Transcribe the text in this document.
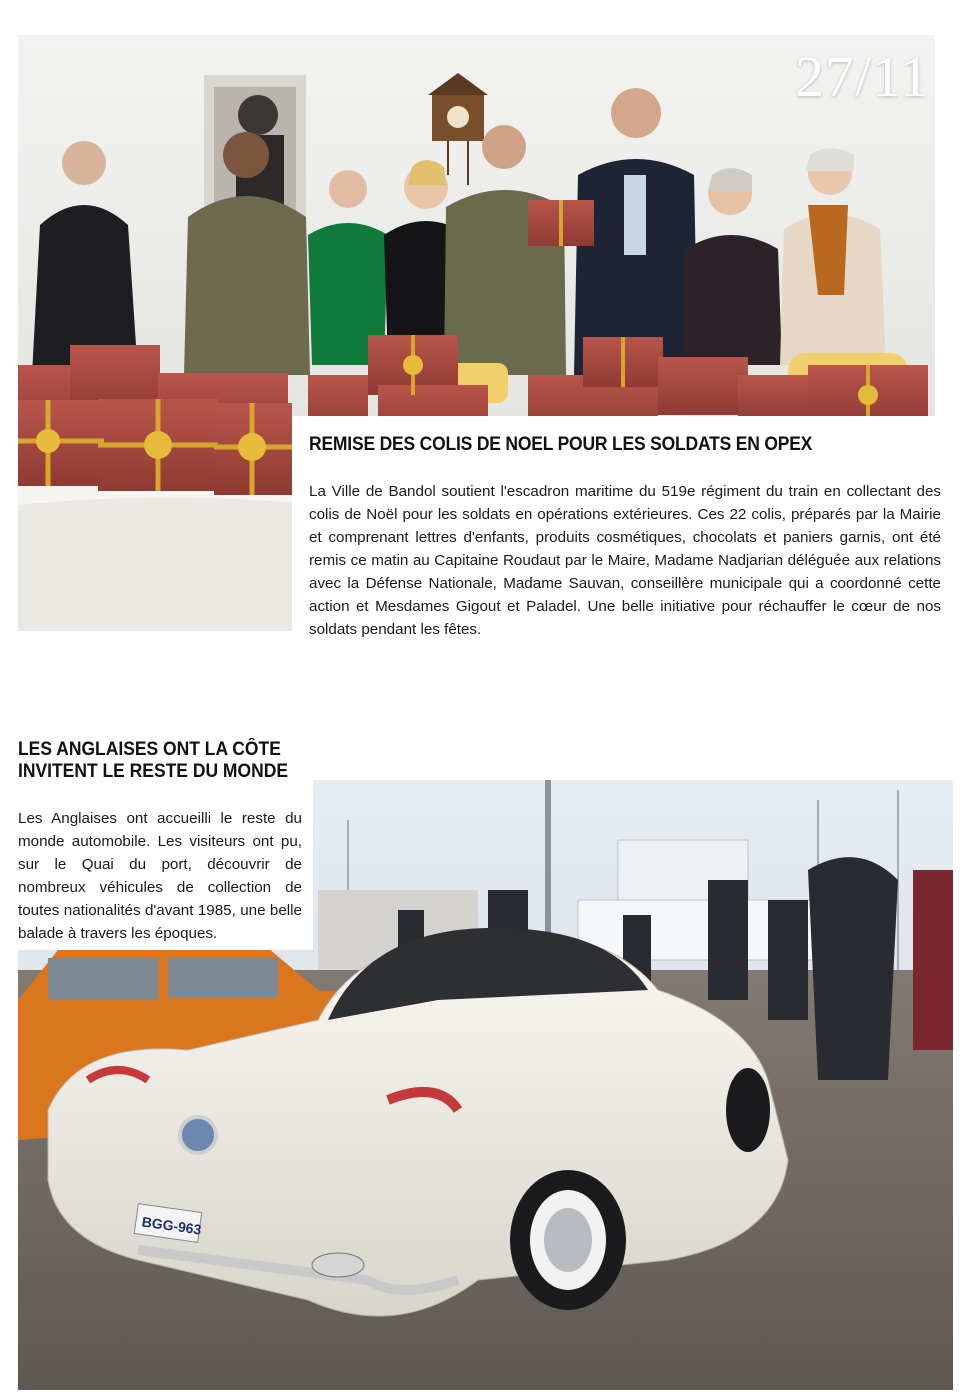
27/11
REMISE DES COLIS DE NOEL POUR LES SOLDATS EN OPEX

La Ville de Bandol soutient l'escadron maritime du 519e régiment du train en collectant des colis de Noël pour les soldats en opérations extérieures. Ces 22 colis, préparés par la Mairie et comprenant lettres d'enfants, produits cosmétiques, chocolats et paniers garnis, ont été remis ce matin au Capitaine Roudaut par le Maire, Madame Nadjarian déléguée aux relations avec la Défense Nationale, Madame Sauvan, conseillère municipale qui a coordonné cette action et Mesdames Gigout et Paladel. Une belle initiative pour réchauffer le cœur de nos soldats pendant les fêtes.

BGG-963
LES ANGLAISES ONT LA CÔTE
INVITENT LE RESTE DU MONDE

Les Anglaises ont accueilli le reste du monde automobile. Les visiteurs ont pu, sur le Quai du port, découvrir de nombreux véhicules de collection de toutes nationalités d'avant 1985, une belle balade à travers les époques.
